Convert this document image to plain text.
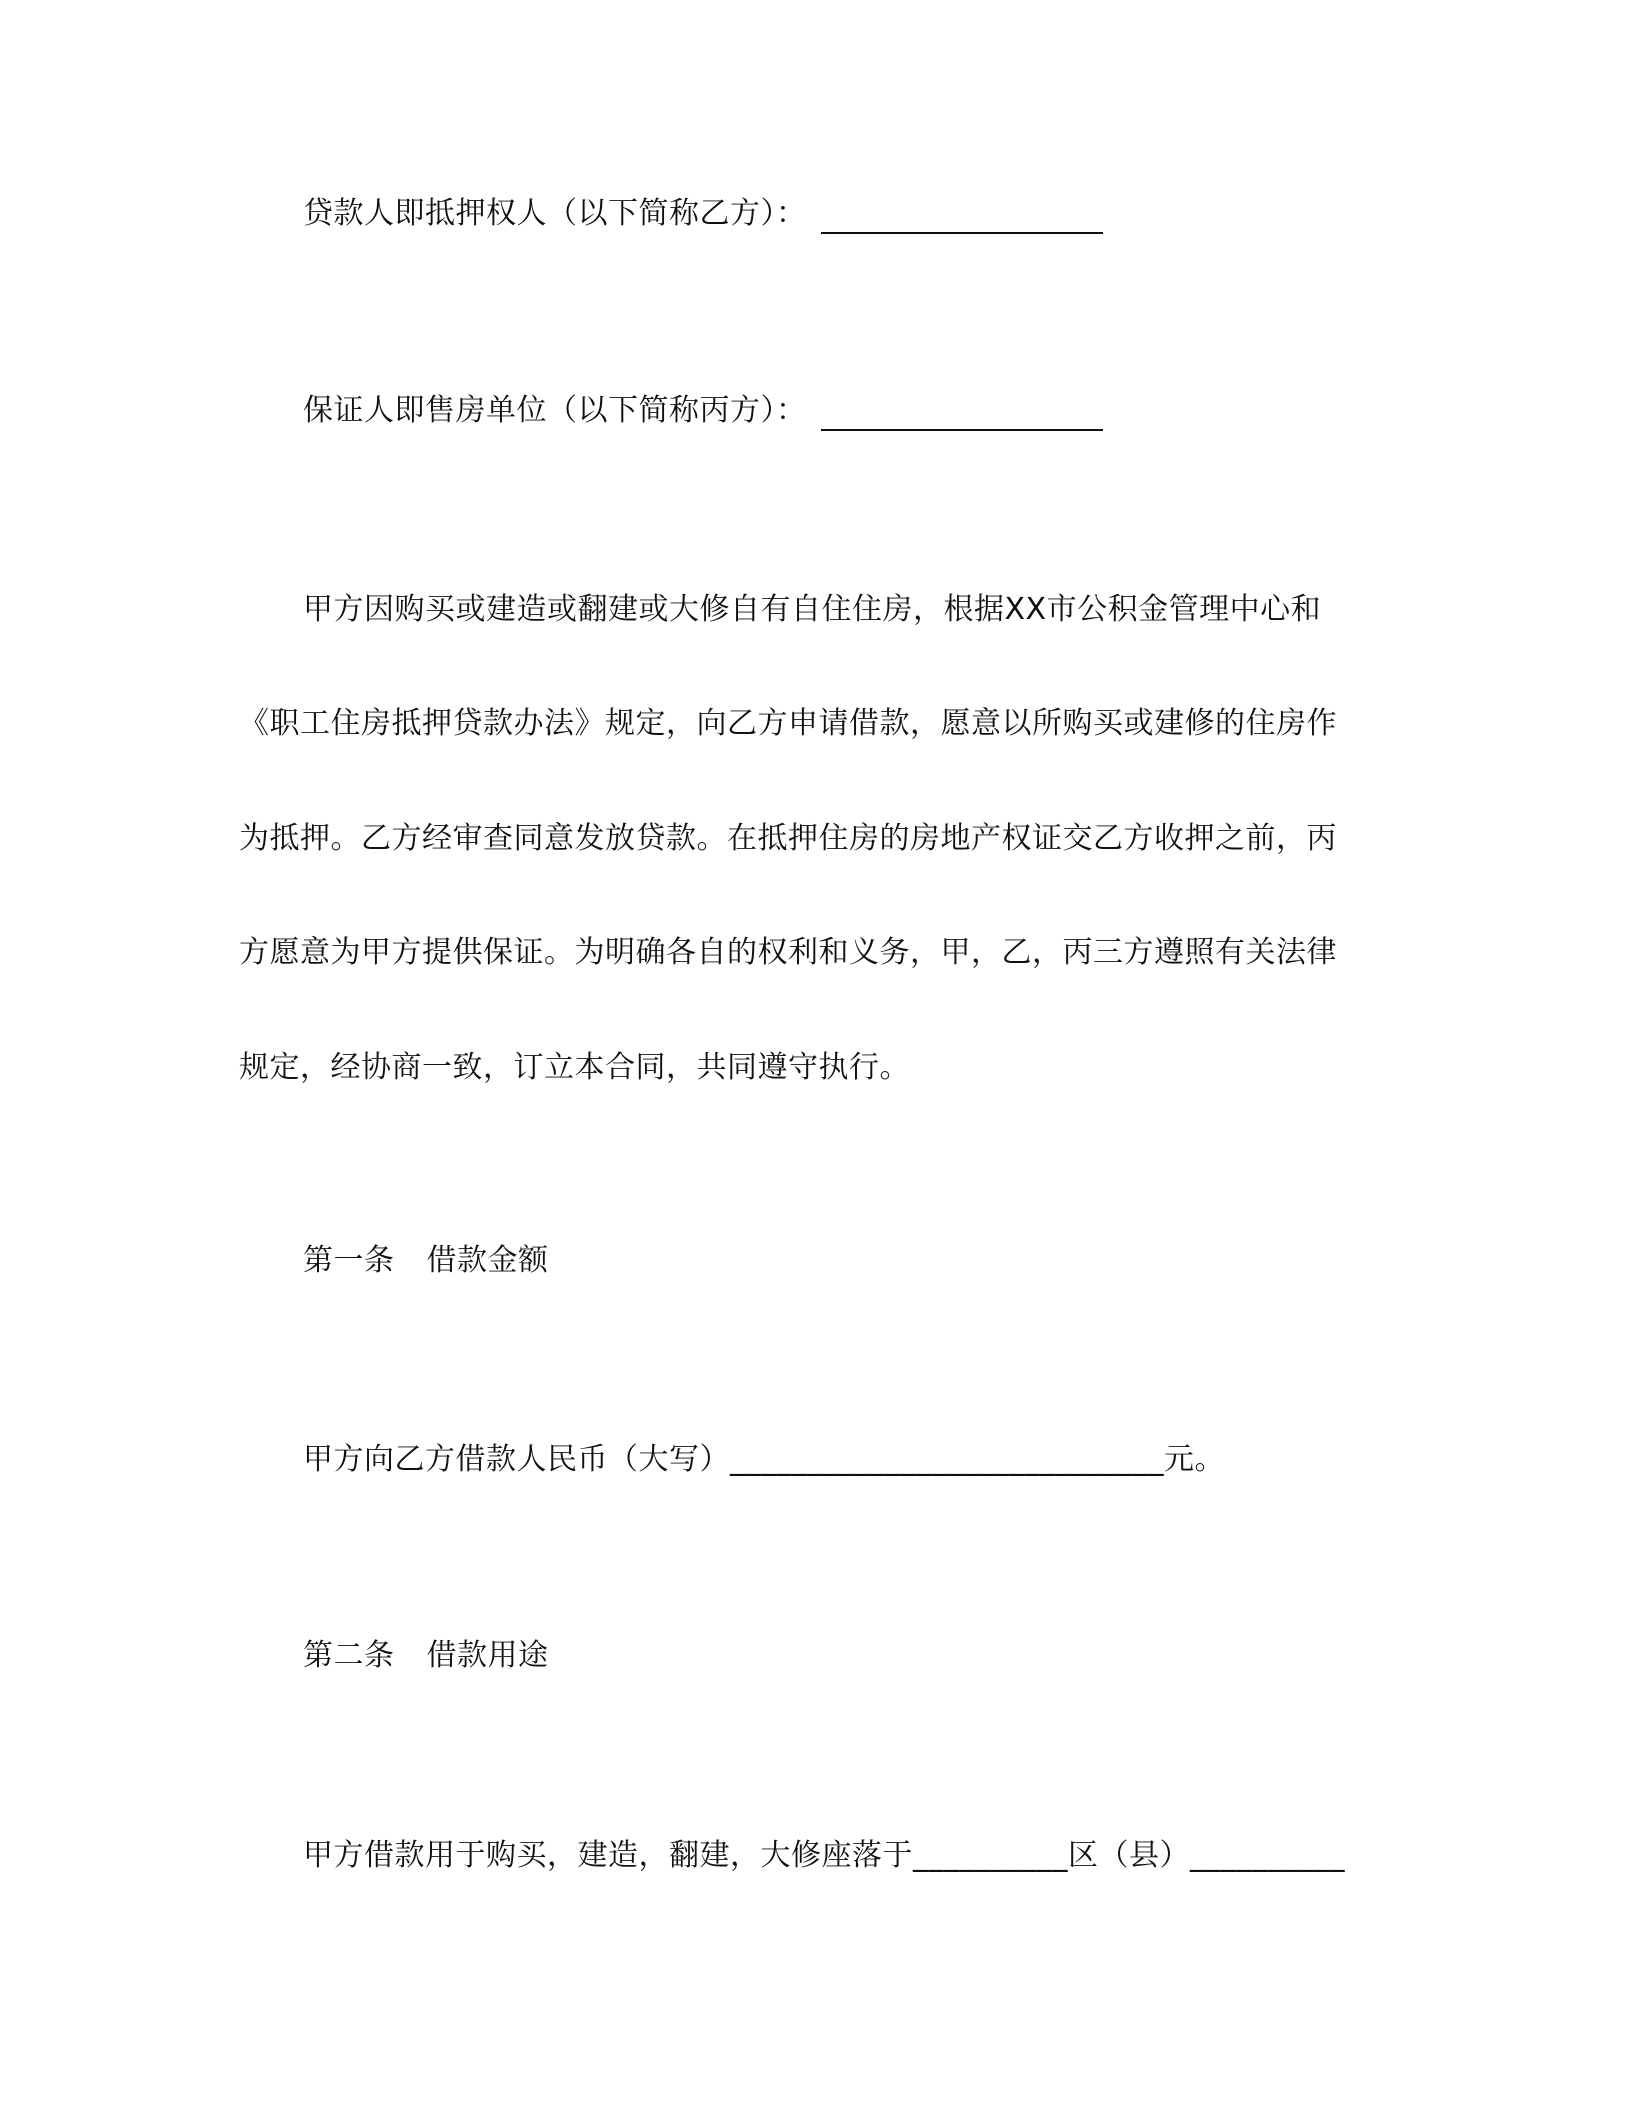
贷款人即抵押权人（以下简称乙方）：
保证人即售房单位（以下简称丙方）：
甲方因购买或建造或翻建或大修自有自住住房，根据XX市公积金管理中心和
《职工住房抵押贷款办法》规定，向乙方申请借款，愿意以所购买或建修的住房作
为抵押。乙方经审查同意发放贷款。在抵押住房的房地产权证交乙方收押之前，丙
方愿意为甲方提供保证。为明确各自的权利和义务，甲，乙，丙三方遵照有关法律
规定，经协商一致，订立本合同，共同遵守执行。
第一条 借款金额
甲方向乙方借款人民币（大写）____________________________元。
第二条 借款用途
甲方借款用于购买，建造，翻建，大修座落于__________区（县）__________
